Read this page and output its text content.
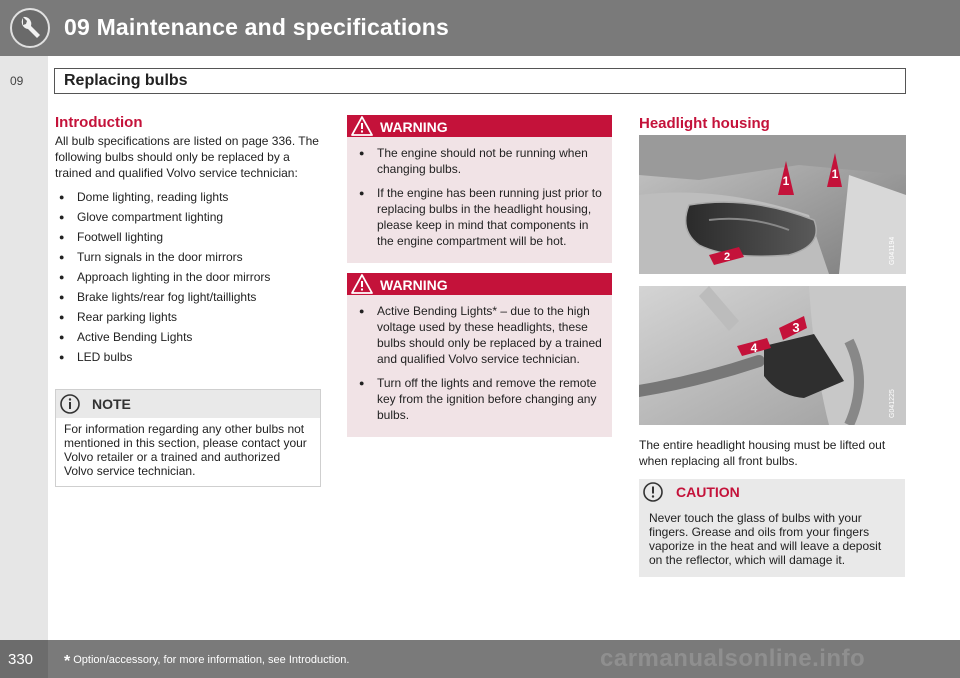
09 Maintenance and specifications
09	Replacing bulbs
Introduction
All bulb specifications are listed on page 336. The following bulbs should only be replaced by a trained and qualified Volvo service technician:
● Dome lighting, reading lights
● Glove compartment lighting
● Footwell lighting
● Turn signals in the door mirrors
● Approach lighting in the door mirrors
● Brake lights/rear fog light/taillights
● Rear parking lights
● Active Bending Lights
● LED bulbs
NOTE
For information regarding any other bulbs not mentioned in this section, please contact your Volvo retailer or a trained and authorized Volvo service technician.
WARNING
● The engine should not be running when changing bulbs.
● If the engine has been running just prior to replacing bulbs in the headlight housing, please keep in mind that components in the engine compartment will be hot.
WARNING
● Active Bending Lights* – due to the high voltage used by these headlights, these bulbs should only be replaced by a trained and qualified Volvo service technician.
● Turn off the lights and remove the remote key from the ignition before changing any bulbs.
Headlight housing
1	1
2	G041194
3
4
G041225
The entire headlight housing must be lifted out when replacing all front bulbs.
CAUTION
Never touch the glass of bulbs with your fingers. Grease and oils from your fingers vaporize in the heat and will leave a deposit on the reflector, which will damage it.
330 * Option/accessory, for more information, see Introduction.	carmanualsonline.info
